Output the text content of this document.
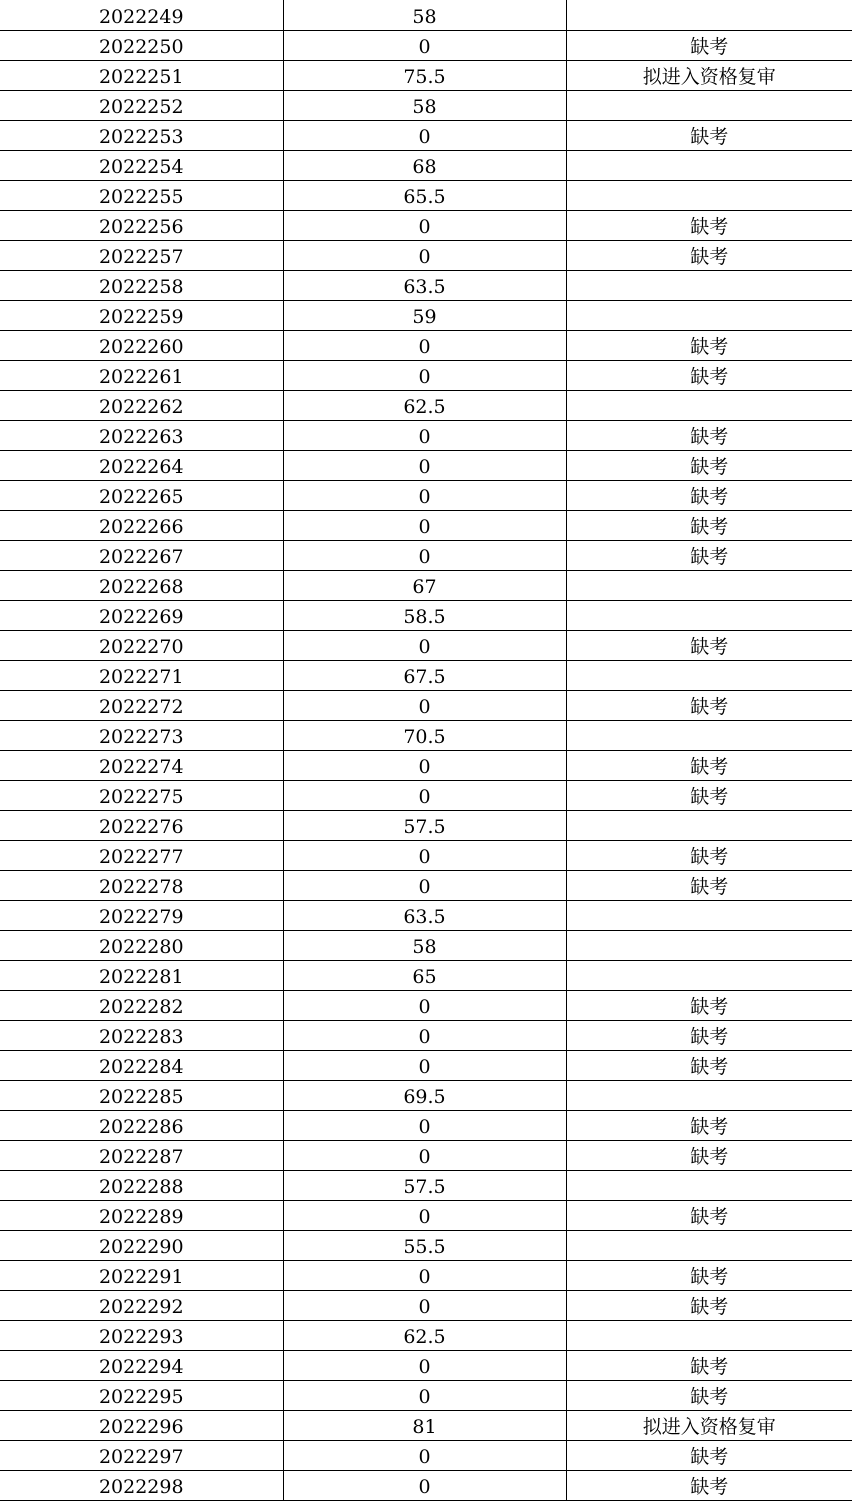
2022249	58	
2022250	0	缺考
2022251	75.5	拟进入资格复审
2022252	58	
2022253	0	缺考
2022254	68	
2022255	65.5	
2022256	0	缺考
2022257	0	缺考
2022258	63.5	
2022259	59	
2022260	0	缺考
2022261	0	缺考
2022262	62.5	
2022263	0	缺考
2022264	0	缺考
2022265	0	缺考
2022266	0	缺考
2022267	0	缺考
2022268	67	
2022269	58.5	
2022270	0	缺考
2022271	67.5	
2022272	0	缺考
2022273	70.5	
2022274	0	缺考
2022275	0	缺考
2022276	57.5	
2022277	0	缺考
2022278	0	缺考
2022279	63.5	
2022280	58	
2022281	65	
2022282	0	缺考
2022283	0	缺考
2022284	0	缺考
2022285	69.5	
2022286	0	缺考
2022287	0	缺考
2022288	57.5	
2022289	0	缺考
2022290	55.5	
2022291	0	缺考
2022292	0	缺考
2022293	62.5	
2022294	0	缺考
2022295	0	缺考
2022296	81	拟进入资格复审
2022297	0	缺考
2022298	0	缺考
